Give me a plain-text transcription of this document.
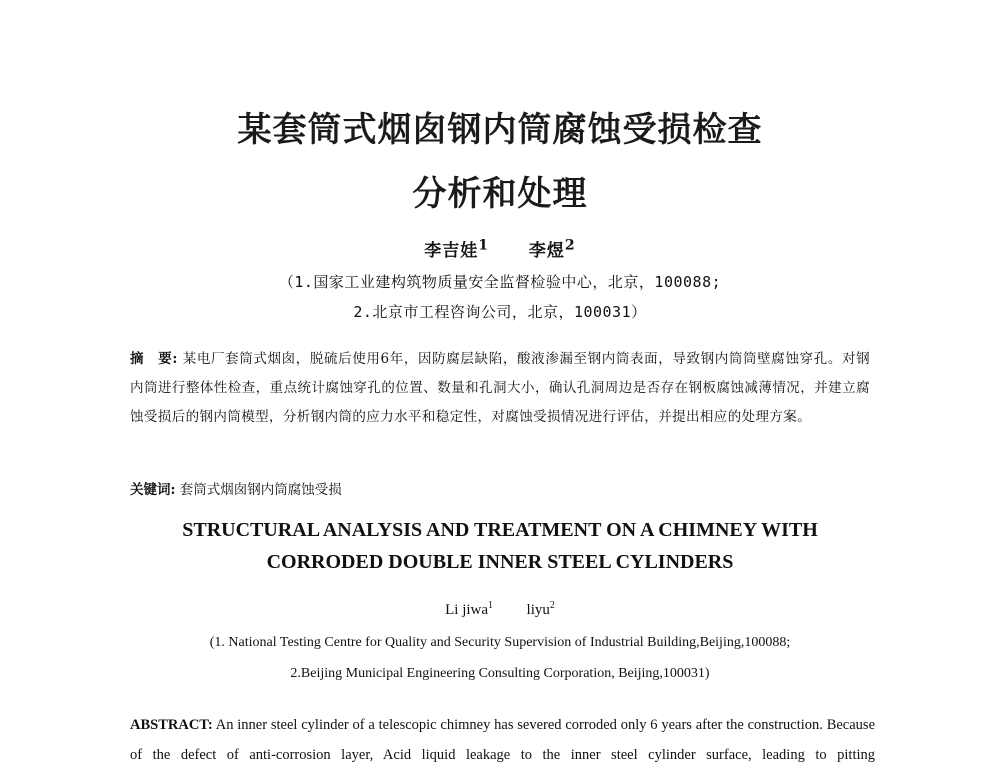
某套筒式烟囱钢内筒腐蚀受损检查
分析和处理
李吉娃$^1$ 李煜$^2$
（1.国家工业建构筑物质量安全监督检验中心，北京，100088;
2.北京市工程咨询公司，北京，100031）
摘　要: 某电厂套筒式烟囱，脱硫后使用6年，因防腐层缺陷，酸液渗漏至钢内筒表面，导致钢内筒筒壁腐蚀穿孔。对钢内筒进行整体性检查，重点统计腐蚀穿孔的位置、数量和孔洞大小，确认孔洞周边是否存在钢板腐蚀减薄情况，并建立腐蚀受损后的钢内筒模型，分析钢内筒的应力水平和稳定性，对腐蚀受损情况进行评估，并提出相应的处理方案。
关键词: 套筒式烟囱钢内筒腐蚀受损
STRUCTURAL ANALYSIS AND TREATMENT ON A CHIMNEY WITH
CORRODED DOUBLE INNER STEEL CYLINDERS
Li jiwa$^1$ liyu$^2$
(1. National Testing Centre for Quality and Security Supervision of Industrial Building,Beijing,100088;
2.Beijing Municipal Engineering Consulting Corporation, Beijing,100031)
ABSTRACT: An inner steel cylinder of a telescopic chimney has severed corroded only 6 years after the construction. Because of the defect of anti-corrosion layer, Acid liquid leakage to the inner steel cylinder surface, leading to pitting
